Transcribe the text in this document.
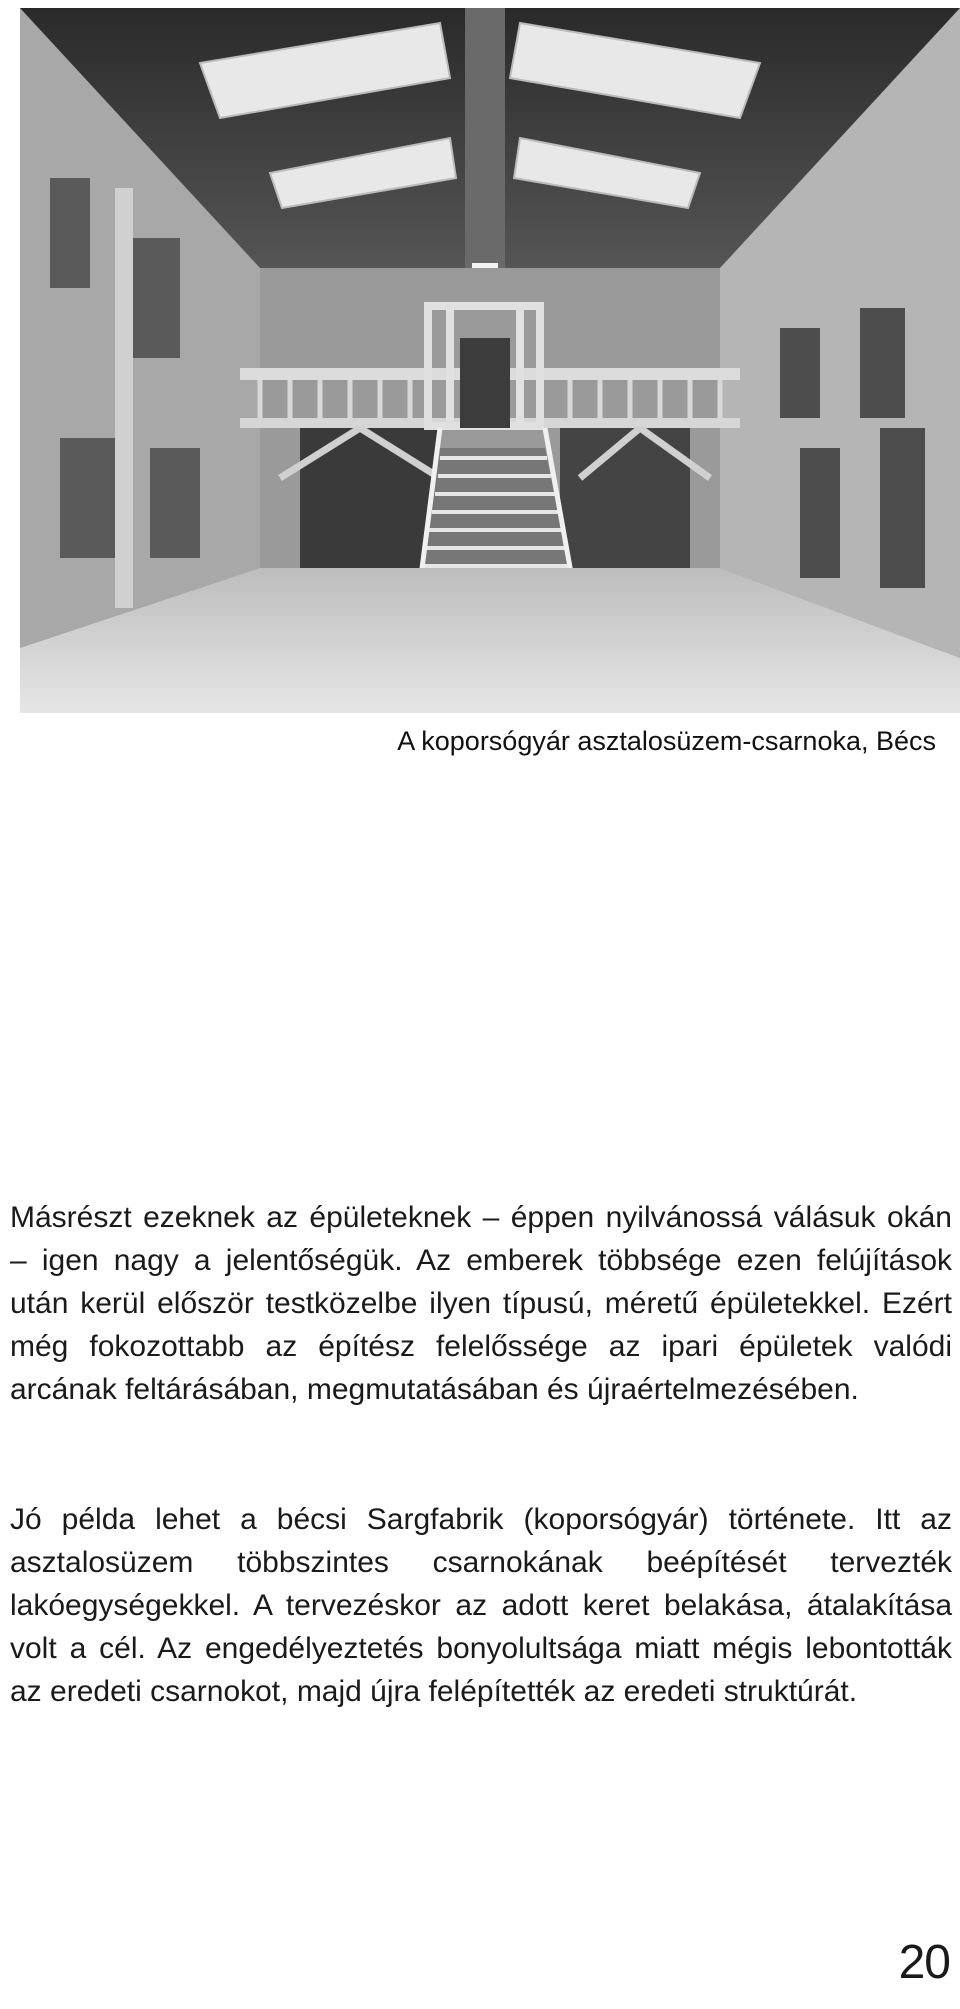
A koporsógyár asztalosüzem-csarnoka, Bécs

Másrészt ezeknek az épületeknek – éppen nyilvánossá válásuk okán – igen nagy a jelentőségük. Az emberek többsége ezen felújítások után kerül először testközelbe ilyen típusú, méretű épületekkel. Ezért még fokozottabb az építész felelőssége az ipari épületek valódi arcának feltárásában, megmutatásában és újraértelmezésében.

Jó példa lehet a bécsi Sargfabrik (koporsógyár) története. Itt az asztalosüzem többszintes csarnokának beépítését tervezték lakóegységekkel. A tervezéskor az adott keret belakása, átalakítása volt a cél. Az engedélyeztetés bonyolultsága miatt mégis lebontották az eredeti csarnokot, majd újra felépítették az eredeti struktúrát.

20
